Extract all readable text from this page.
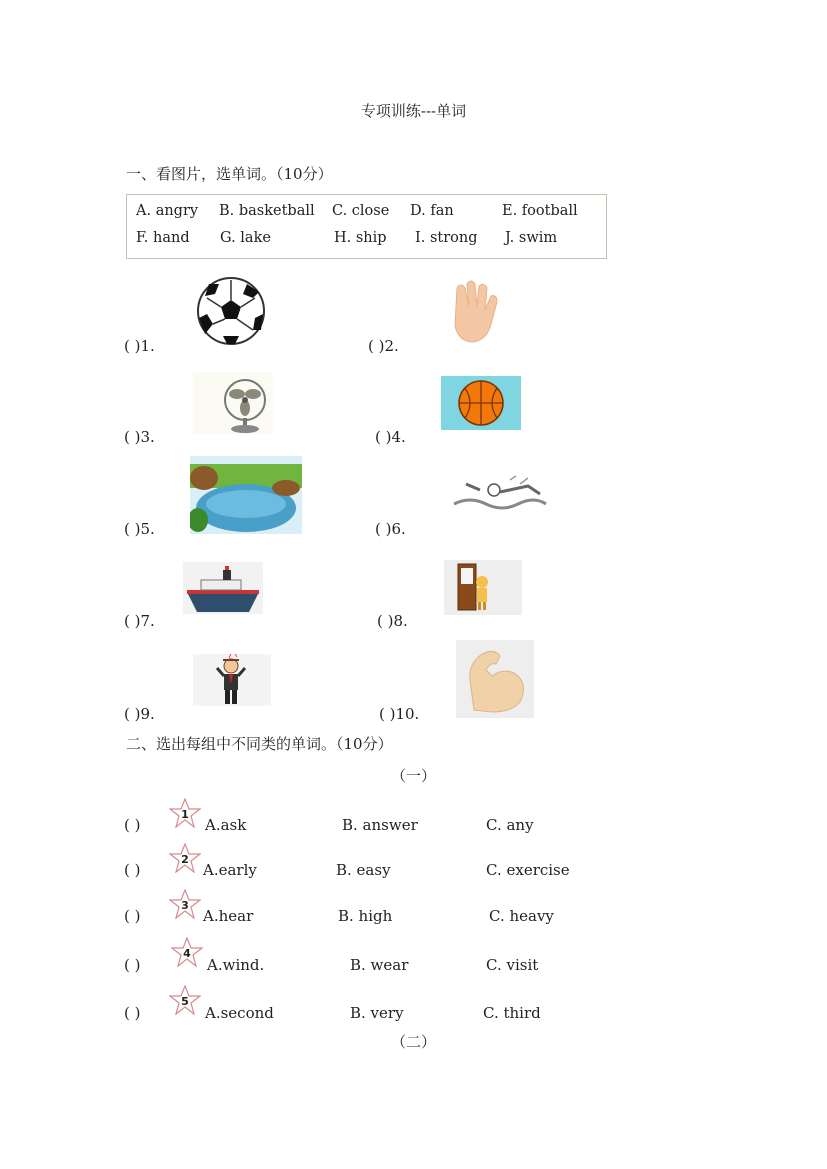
专项训练---单词
一、看图片，选单词。（10分）
A. angry B. basketball C. close D. fan	E. football
F. hand G. lake	H. ship I. strong J. swim
( )1.	( )2.
( )3.	( )4.
( )5.	( )6.
( )7.	( )8.
( )9.	( )10.
二、选出每组中不同类的单词。（10分）
（一）
( )	A.ask	B. answer	C. any
( )	A.early	B. easy	C. exercise
( )	A.hear	B. high	C. heavy
( )	A.wind.	B. wear	C. visit
( )	A.second	B. very	C. third
1
2
3
4
5
（二）
